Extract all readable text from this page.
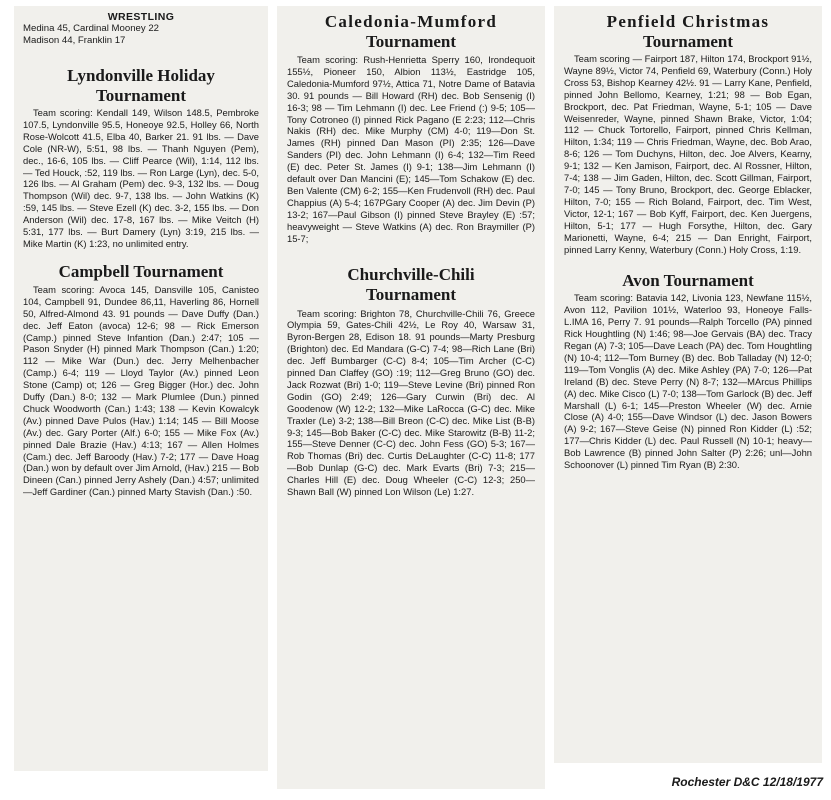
WRESTLING
Medina 45, Cardinal Mooney 22
Madison 44, Franklin 17
Lyndonville Holiday
Tournament

Team scoring: Kendall 149, Wilson 148.5, Pembroke 107.5, Lyndonville 95.5, Honeoye 92.5, Holley 66, North Rose-Wolcott 41.5, Elba 40, Barker 21. 91 lbs. — Dave Cole (NR-W), 5:51, 98 lbs. — Thanh Nguyen (Pem), dec., 16-6, 105 lbs. — Cliff Pearce (Wil), 1:14, 112 lbs. — Ted Houck, :52, 119 lbs. — Ron Large (Lyn), dec. 5-0, 126 lbs. — Al Graham (Pem) dec. 9-3, 132 lbs. — Doug Thompson (Wil) dec. 9-7, 138 lbs. — John Watkins (K) :59, 145 lbs. — Steve Ezell (K) dec. 3-2, 155 lbs. — Don Anderson (Wil) dec. 17-8, 167 lbs. — Mike Veitch (H) 5:31, 177 lbs. — Burt Damery (Lyn) 3:19, 215 lbs. — Mike Martin (K) 1:23, no unlimited entry.

Campbell Tournament

Team scoring: Avoca 145, Dansville 105, Canisteo 104, Campbell 91, Dundee 86,11, Haverling 86, Hornell 50, Alfred-Almond 43. 91 pounds — Dave Duffy (Dan.) dec. Jeff Eaton (avoca) 12-6; 98 — Rick Emerson (Camp.) pinned Steve Infantion (Dan.) 2:47; 105 — Pason Snyder (H) pinned Mark Thompson (Can.) 1:20; 112 — Mike War (Dun.) dec. Jerry Melhenbacher (Camp.) 6-4; 119 — Lloyd Taylor (Av.) pinned Leon Stone (Camp) ot; 126 — Greg Bigger (Hor.) dec. John Duffy (Dan.) 8-0; 132 — Mark Plumlee (Dun.) pinned Chuck Woodworth (Can.) 1:43; 138 — Kevin Kowalcyk (Av.) pinned Dave Pulos (Hav.) 1:14; 145 — Bill Moose (Av.) dec. Gary Porter (Alf.) 6-0; 155 — Mike Fox (Av.) pinned Dale Brazie (Hav.) 4:13; 167 — Allen Holmes (Cam.) dec. Jeff Baroody (Hav.) 7-2; 177 — Dave Hoag (Dan.) won by default over Jim Arnold, (Hav.) 215 — Bob Dineen (Can.) pinned Jerry Ashely (Dan.) 4:57; unlimited —Jeff Gardiner (Can.) pinned Marty Stavish (Dan.) :50.

Caledonia-Mumford
Tournament

Team scoring: Rush-Henrietta Sperry 160, Irondequoit 155½, Pioneer 150, Albion 113½, Eastridge 105, Caledonia-Mumford 97½, Attica 71, Notre Dame of Batavia 30. 91 pounds — Bill Howard (RH) dec. Bob Sensenig (I) 16-3; 98 — Tim Lehmann (I) dec. Lee Friend (:) 9-5; 105—Tony Cotroneo (I) pinned Rick Pagano (E 2:23; 112—Chris Nakis (RH) dec. Mike Murphy (CM) 4-0; 119—Don St. James (RH) pinned Dan Mason (PI) 2:35; 126—Dave Sanders (PI) dec. John Lehmann (I) 6-4; 132—Tim Reed (E) dec. Peter St. James (I) 9-1; 138—Jim Lehmann (I) default over Dan Mancini (E); 145—Tom Schakow (E) dec. Ben Valente (CM) 6-2; 155—Ken Frudenvoll (RH) dec. Paul Chappius (A) 5-4; 167PGary Cooper (A) dec. Jim Devin (P) 13-2; 167—Paul Gibson (I) pinned Steve Brayley (E) :57; heavyweight — Steve Watkins (A) dec. Ron Braymiller (P) 15-7;

Churchville-Chili
Tournament

Team scoring: Brighton 78, Churchville-Chili 76, Greece Olympia 59, Gates-Chili 42½, Le Roy 40, Warsaw 31, Byron-Bergen 28, Edison 18. 91 pounds—Marty Presburg (Brighton) dec. Ed Mandara (G-C) 7-4; 98—Rich Lane (Bri) dec. Jeff Bumbarger (C-C) 8-4; 105—Tim Archer (C-C) pinned Dan Claffey (GO) :19; 112—Greg Bruno (GO) dec. Jack Rozwat (Bri) 1-0; 119—Steve Levine (Bri) pinned Ron Godin (GO) 2:49; 126—Gary Curwin (Bri) dec. Al Goodenow (W) 12-2; 132—Mike LaRocca (G-C) dec. Mike Traxler (Le) 3-2; 138—Bill Breon (C-C) dec. Mike List (B-B) 9-3; 145—Bob Baker (C-C) dec. Mike Starowitz (B-B) 11-2; 155—Steve Denner (C-C) dec. John Fess (GO) 5-3; 167—Rob Thomas (Bri) dec. Curtis DeLaughter (C-C) 11-8; 177—Bob Dunlap (G-C) dec. Mark Evarts (Bri) 7-3; 215—Charles Hill (E) dec. Doug Wheeler (C-C) 12-3; 250—Shawn Ball (W) pinned Lon Wilson (Le) 1:27.

Penfield Christmas
Tournament

Team scoring — Fairport 187, Hilton 174, Brockport 91½, Wayne 89½, Victor 74, Penfield 69, Waterbury (Conn.) Holy Cross 53, Bishop Kearney 42½. 91 — Larry Kane, Penfield, pinned John Bellomo, Kearney, 1:21; 98 — Bob Egan, Brockport, dec. Pat Friedman, Wayne, 5-1; 105 — Dave Weisenreder, Wayne, pinned Shawn Brake, Victor, 1:04; 112 — Chuck Tortorello, Fairport, pinned Chris Kellman, Hilton, 1:34; 119 — Chris Friedman, Wayne, dec. Bob Arao, 8-6; 126 — Tom Duchyns, Hilton, dec. Joe Alvers, Kearny, 9-1; 132 — Ken Jamison, Fairport, dec. Al Rossner, Hilton, 7-4; 138 — Jim Gaden, Hilton, dec. Scott Gillman, Fairport, 7-0; 145 — Tony Bruno, Brockport, dec. George Eblacker, Hilton, 7-0; 155 — Rich Boland, Fairport, dec. Tim West, Victor, 12-1; 167 — Bob Kyff, Fairport, dec. Ken Juergens, Hilton, 5-1; 177 — Hugh Forsythe, Hilton, dec. Gary Marionetti, Wayne, 6-4; 215 — Dan Enright, Fairport, pinned Larry Kenny, Waterbury (Conn.) Holy Cross, 1:19.

Avon Tournament

Team scoring: Batavia 142, Livonia 123, Newfane 115½, Avon 112, Pavilion 101½, Waterloo 93, Honeoye Falls-L.IMA 16, Perry 7. 91 pounds—Ralph Torcello (PA) pinned Rick Houghtling (N) 1:46; 98—Joe Gervais (BA) dec. Tracy Regan (A) 7-3; 105—Dave Leach (PA) dec. Tom Houghtling (N) 10-4; 112—Tom Burney (B) dec. Bob Talladay (N) 12-0; 119—Tom Vonglis (A) dec. Mike Ashley (PA) 7-0; 126—Pat Ireland (B) dec. Steve Perry (N) 8-7; 132—MArcus Phillips (A) dec. Mike Cisco (L) 7-0; 138—Tom Garlock (B) dec. Jeff Marshall (L) 6-1; 145—Preston Wheeler (W) dec. Arnie Close (A) 4-0; 155—Dave Windsor (L) dec. Jason Bowers (A) 9-2; 167—Steve Geise (N) pinned Ron Kidder (L) :52; 177—Chris Kidder (L) dec. Paul Russell (N) 10-1; heavy—Bob Lawrence (B) pinned John Salter (P) 2:26; unl—John Schoonover (L) pinned Tim Ryan (B) 2:30.

Rochester D&C 12/18/1977
